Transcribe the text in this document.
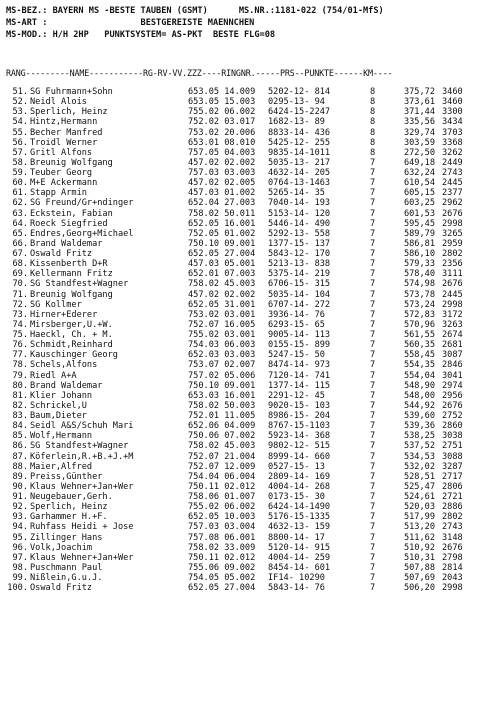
MS-BEZ.: BAYERN MS -BESTE TAUBEN (GSMT)      MS.NR.:1181-022 (754/01-MfS)
MS-ART :                  BESTGEREISTE MAENNCHEN
MS-MOD.: H/H 2HP   PUNKTSYSTEM= AS-PKT  BESTE FLG=08
RANG---------NAME-----------RG-RV-VV.ZZZ----RINGNR.-----PRS--PUNKTE------KM----
51. SG Fuhrmann+Sohn	653.05 14.009 5202-12- 814	8	375,72 3460
52. Neidl Alois	653.05 15.003 0295-13- 94	8	373,61 3460
53. Sperlich, Heinz	755.02 06.002 6424-15-2247	8	371,44 3300
54. Hintz,Hermann	752.02 03.017 1682-13- 89	8	335,56 3434
55. Becher Manfred	753.02 20.006 8833-14- 436	8	329,74 3703
56. Troidl Werner	653.01 08.010 5425-12- 255	8	303,59 3368
57. Gritl Alfons	757.05 04.003 9835-14-1011	8	272,50 3262
58. Breunig Wolfgang	457.02 02.002 5035-13- 217	7	649,18 2449
59. Teuber Georg	757.03 03.003 4632-14- 205	7	632,24 2743
60. M+E Ackermann	457.02 02.005 0764-13-1463	7	610,54 2445
61. Stapp Armin	457.03 01.002 5265-14- 35	7	605,15 2377
62. SG Freund/Gr+ndinger	652.04 27.003 7040-14- 193	7	603,25 2962
63. Eckstein, Fabian	758.02 50.011 5153-14- 120	7	601,53 2676
64. Roeck Siegfried	652.05 16.001 5446-14- 490	7	595,45 2998
65. Endres,Georg+Michael	752.05 01.002 5292-13- 558	7	589,79 3265
66. Brand Waldemar	750.10 09.001 1377-15- 137	7	586,81 2959
67. Oswald Fritz	652.05 27.004 5843-12- 170	7	586,10 2802
68. Kissenberth D+R	457.03 05.001 5213-13- 838	7	579,33 2356
69. Kellermann Fritz	652.01 07.003 5375-14- 219	7	578,40 3111
70. SG Standfest+Wagner	758.02 45.003 6706-15- 315	7	574,98 2676
71. Breunig Wolfgang	457.02 02.002 5035-14- 104	7	573,78 2445
72. SG Kollmer	652.05 31.001 6707-14- 272	7	573,24 2998
73. Hirner+Ederer	753.02 03.001 3936-14- 76	7	572,83 3172
74. Mirsberger,U.+W.	752.07 16.005 6293-15- 65	7	570,96 3263
75. Haeckl, Ch. + M.	755.02 03.001 9005-14- 113	7	561,55 2674
76. Schmidt,Reinhard	754.03 06.003 0155-15- 899	7	560,35 2681
77. Kauschinger Georg	652.03 03.003 5247-15- 50	7	558,45 3087
78. Schels,Alfons	753.07 02.007 8474-14- 973	7	554,35 2846
79. Riedl A+A	757.02 05.006 7120-14- 741	7	554,04 3041
80. Brand Waldemar	750.10 09.001 1377-14- 115	7	548,90 2974
81. Klier Johann	653.03 16.001 2291-12- 45	7	548,00 2956
82. Schrickel,U	758.02 50.003 9020-15- 103	7	544,92 2676
83. Baum,Dieter	752.01 11.005 8986-15- 204	7	539,60 2752
84. Seidl A&S/Schuh Mari	652.06 04.009 8767-15-1103	7	539,36 2860
85. Wolf,Hermann	750.06 07.002 5923-14- 368	7	538,25 3038
86. SG Standfest+Wagner	758.02 45.003 9802-12- 515	7	537,52 2751
87. Köferlein,R.+B.+J.+M	752.07 21.004 8999-14- 660	7	534,53 3088
88. Maier,Alfred	752.07 12.009 0527-15- 13	7	532,02 3287
89. Preiss,Günther	754.04 06.004 2809-14- 169	7	528,51 2717
90. Klaus Wehner+Jan+Wer	750.11 02.012 4004-14- 268	7	525,47 2806
91. Neugebauer,Gerh.	758.06 01.007 0173-15- 30	7	524,61 2721
92. Sperlich, Heinz	755.02 06.002 6424-14-1490	7	520,03 2886
93. Garhammer H.+F.	652.05 10.003 5176-15-1335	7	517,99 2802
94. Ruhfass Heidi + Jose	757.03 03.004 4632-13- 159	7	513,20 2743
95. Zillinger Hans	757.08 06.001 8800-14- 17	7	511,62 3148
96. Volk,Joachim	758.02 33.009 5120-14- 915	7	510,92 2676
97. Klaus Wehner+Jan+Wer	750.11 02.012 4004-14- 259	7	510,31 2798
98. Puschmann Paul	755.06 09.002 8454-14- 601	7	507,88 2814
99. Nißlein,G.u.J.	754.05 05.002 IF14- 10290	7	507,69 2043
100. Oswald Fritz	652.05 27.004 5843-14- 76	7	506,20 2998
